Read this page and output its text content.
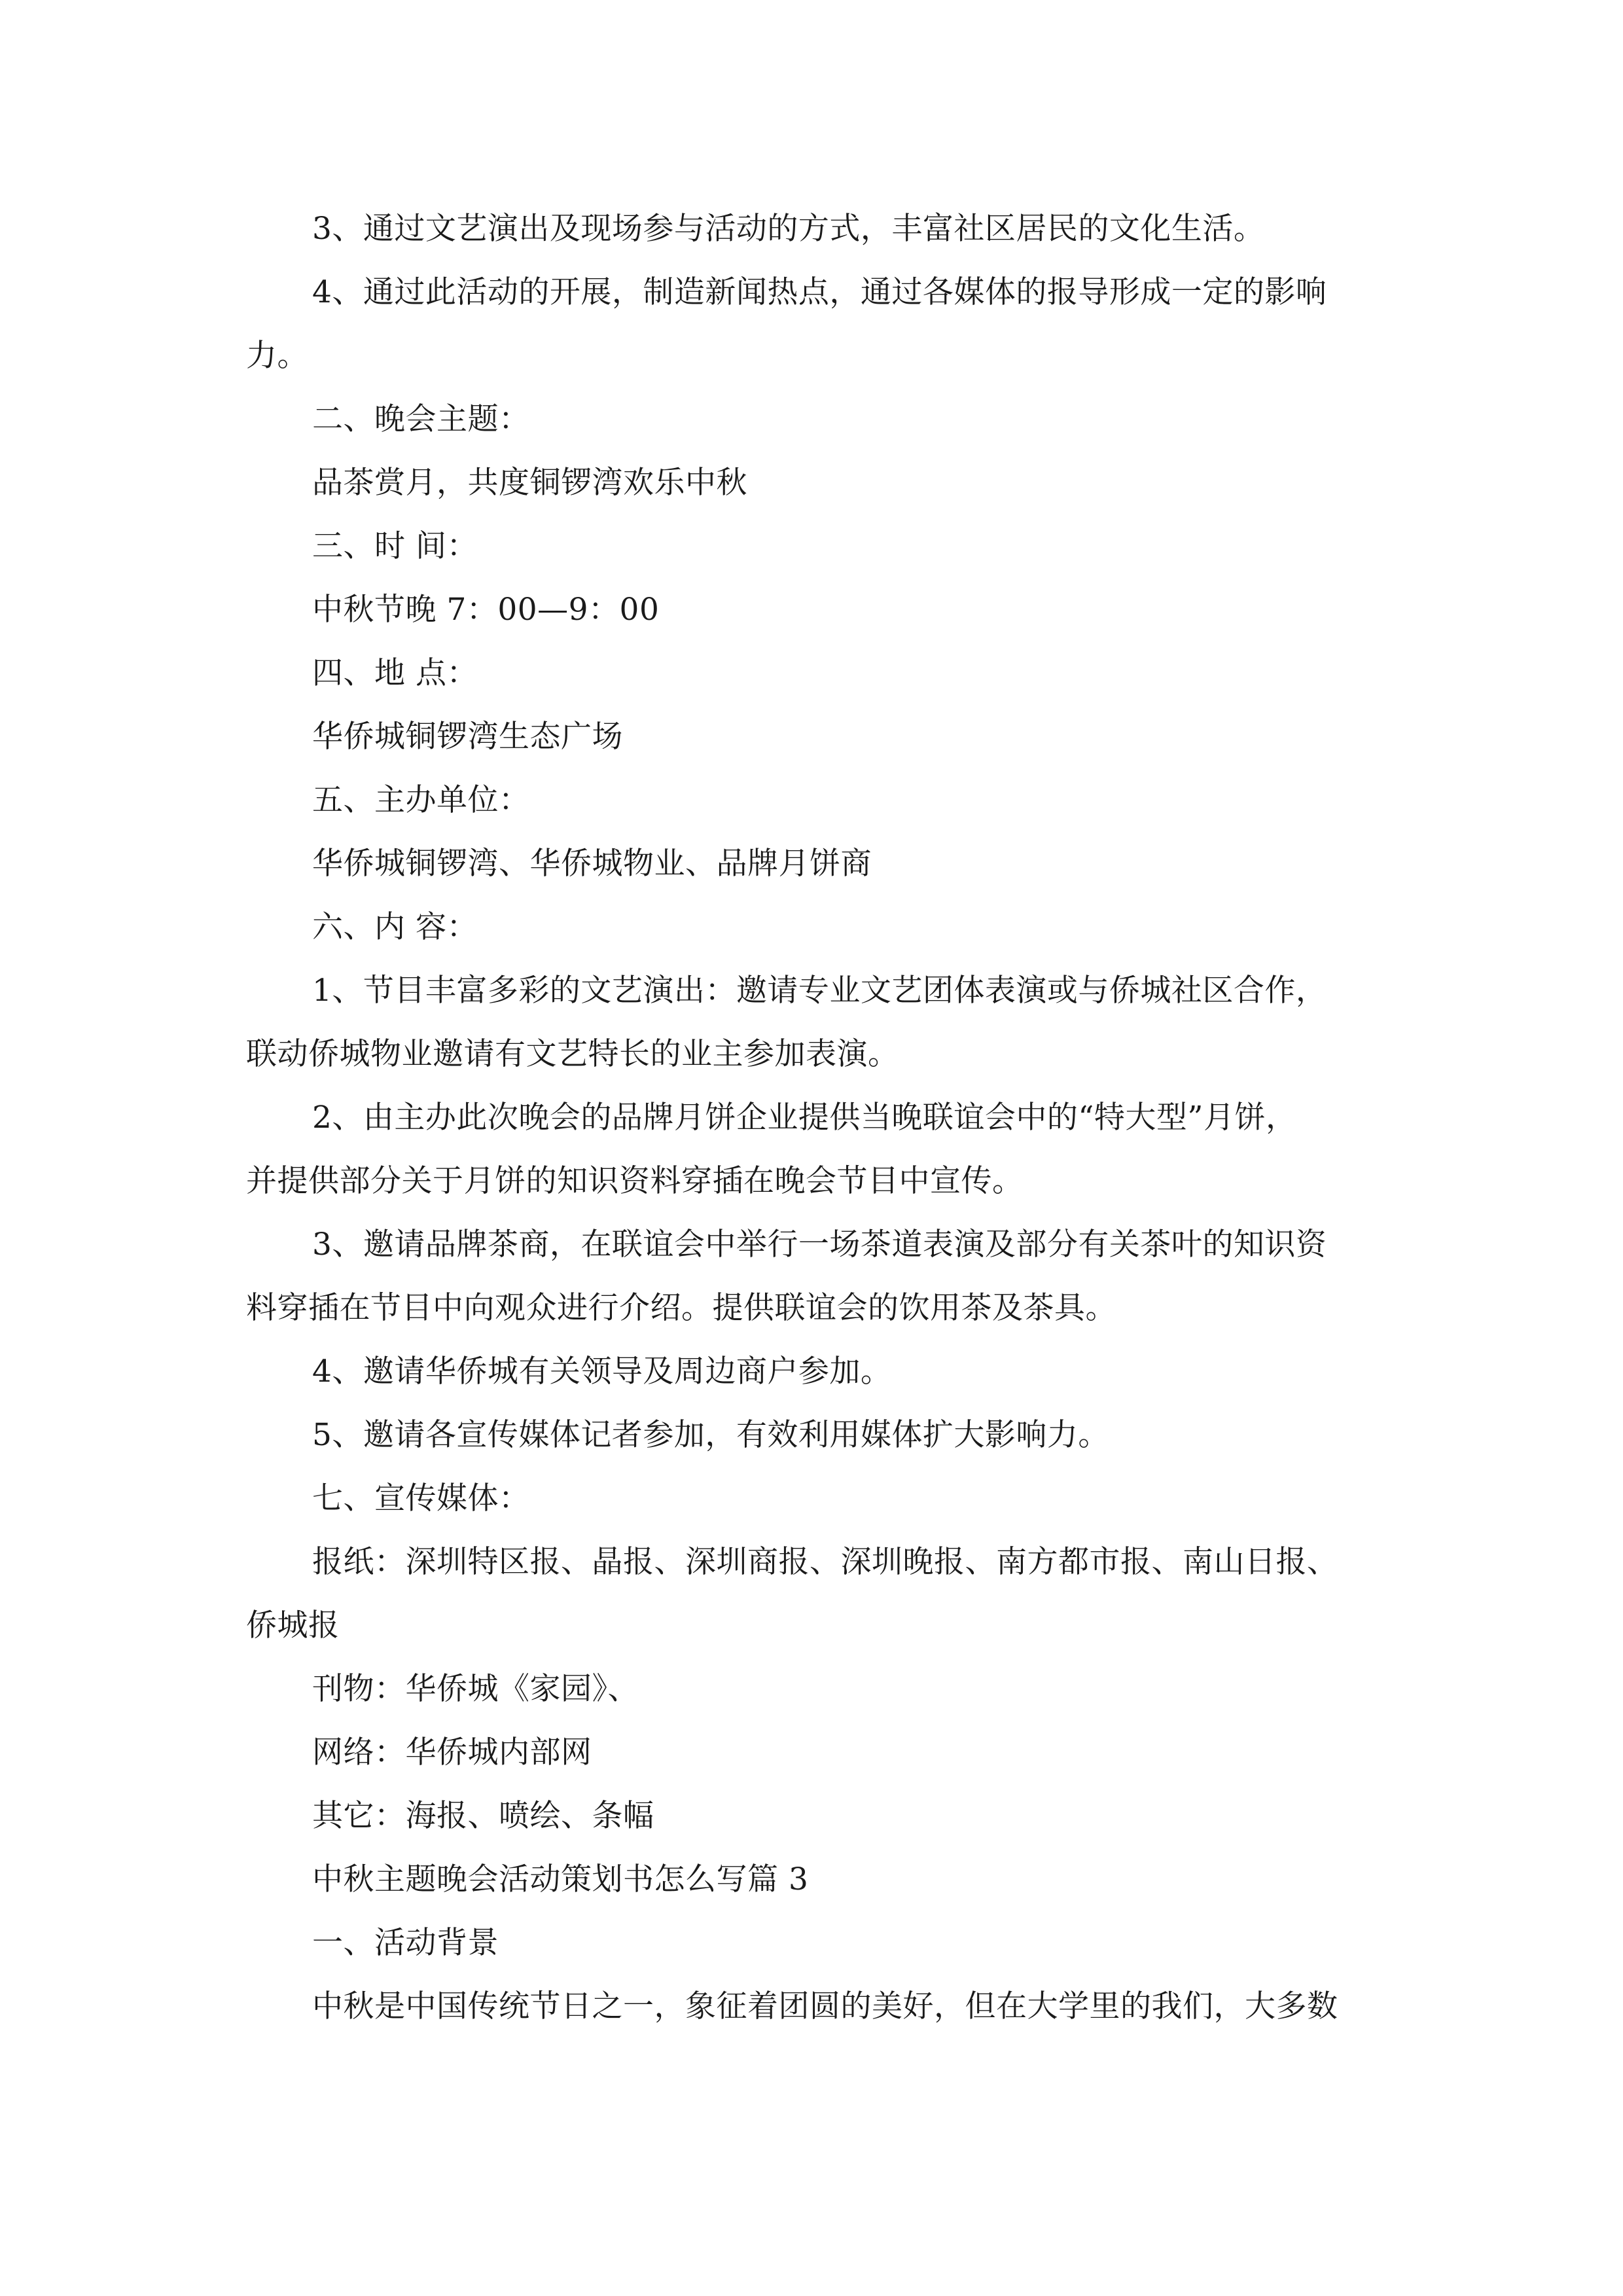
3、通过文艺演出及现场参与活动的方式，丰富社区居民的文化生活。
4、通过此活动的开展，制造新闻热点，通过各媒体的报导形成一定的影响
力。
二、晚会主题：
品茶赏月，共度铜锣湾欢乐中秋
三、时 间：
中秋节晚 7：00—9：00
四、地 点：
华侨城铜锣湾生态广场
五、主办单位：
华侨城铜锣湾、华侨城物业、品牌月饼商
六、内 容：
1、节目丰富多彩的文艺演出：邀请专业文艺团体表演或与侨城社区合作，
联动侨城物业邀请有文艺特长的业主参加表演。
2、由主办此次晚会的品牌月饼企业提供当晚联谊会中的“特大型”月饼，
并提供部分关于月饼的知识资料穿插在晚会节目中宣传。
3、邀请品牌茶商，在联谊会中举行一场茶道表演及部分有关茶叶的知识资
料穿插在节目中向观众进行介绍。提供联谊会的饮用茶及茶具。
4、邀请华侨城有关领导及周边商户参加。
5、邀请各宣传媒体记者参加，有效利用媒体扩大影响力。
七、宣传媒体：
报纸：深圳特区报、晶报、深圳商报、深圳晚报、南方都市报、南山日报、
侨城报
刊物：华侨城《家园》、
网络：华侨城内部网
其它：海报、喷绘、条幅
中秋主题晚会活动策划书怎么写篇 3
一、活动背景
中秋是中国传统节日之一，象征着团圆的美好，但在大学里的我们，大多数
